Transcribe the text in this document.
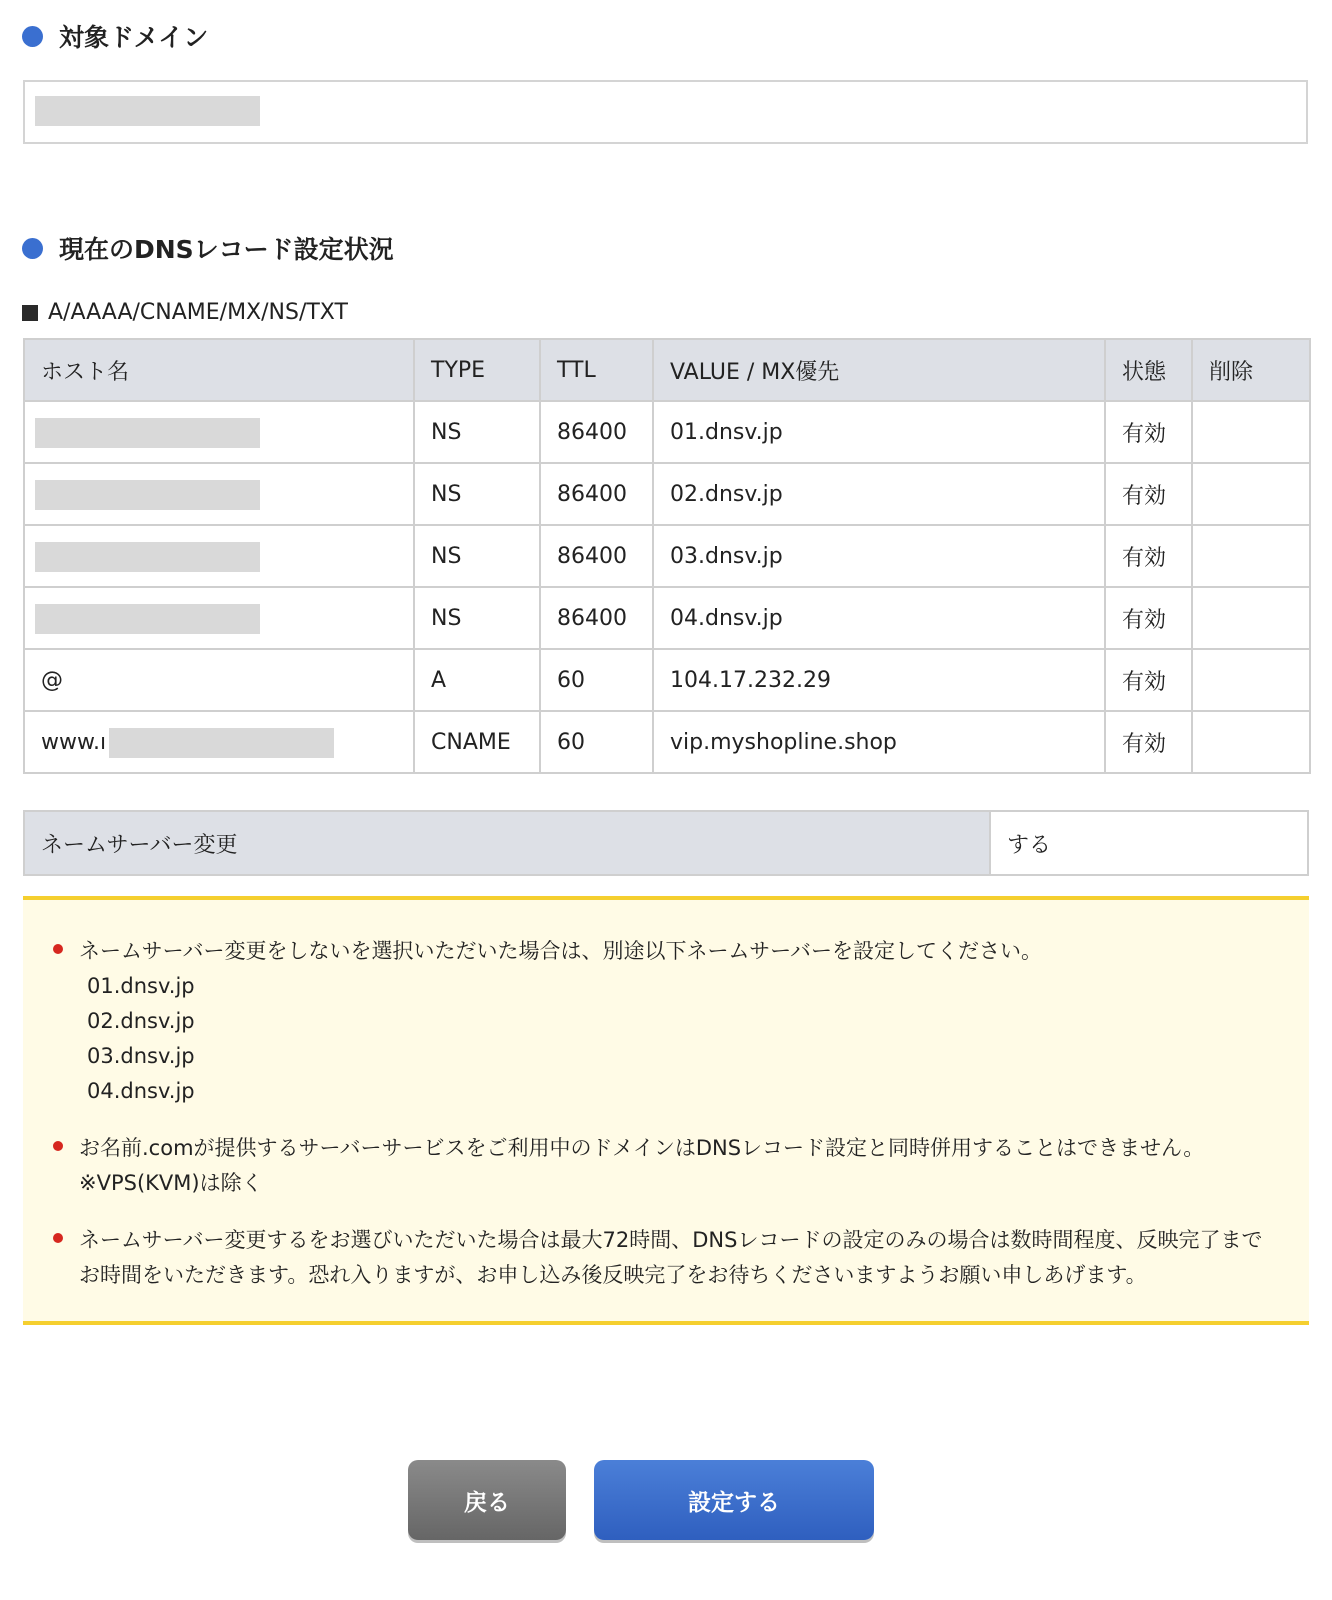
対象ドメイン
現在のDNSレコード設定状況
A/AAAA/CNAME/MX/NS/TXT
ホスト名	TYPE	TTL	VALUE / MX優先	状態	削除

	NS	86400	01.dnsv.jp	有効	

	NS	86400	02.dnsv.jp	有効	

	NS	86400	03.dnsv.jp	有効	

	NS	86400	04.dnsv.jp	有効	
@	A	60	104.17.232.29	有効	
www.ı	CNAME	60	vip.myshopline.shop	有効	
ネームサーバー変更	する
ネームサーバー変更をしないを選択いただいた場合は、別途以下ネームサーバーを設定してください。
01.dnsv.jp
02.dnsv.jp
03.dnsv.jp
04.dnsv.jp
お名前.comが提供するサーバーサービスをご利用中のドメインはDNSレコード設定と同時併用することはできません。
※VPS(KVM)は除く
ネームサーバー変更するをお選びいただいた場合は最大72時間、DNSレコードの設定のみの場合は数時間程度、反映完了までお時間をいただきます。恐れ入りますが、お申し込み後反映完了をお待ちくださいますようお願い申しあげます。
戻る	設定する
